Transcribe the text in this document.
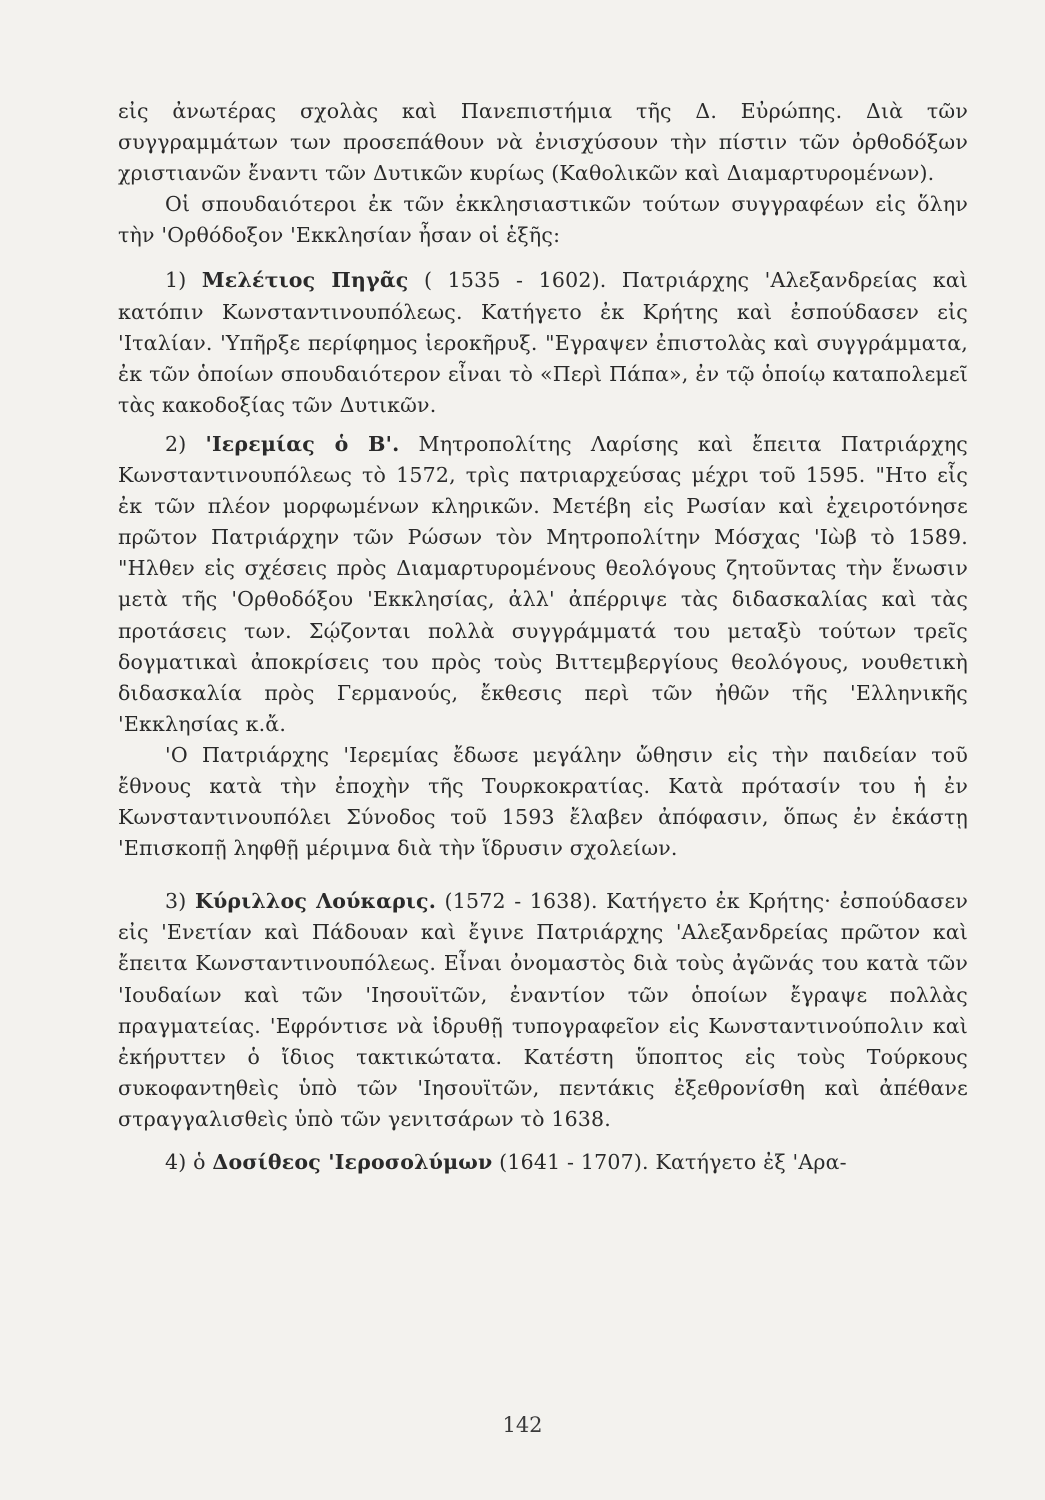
εἰς ἀνωτέρας σχολὰς καὶ Πανεπιστήμια τῆς Δ. Εὐρώπης. Διὰ τῶν συγγραμμάτων των προσεπάθουν νὰ ἐνισχύσουν τὴν πίστιν τῶν ὀρθοδόξων χριστιανῶν ἔναντι τῶν Δυτικῶν κυρίως (Καθολικῶν καὶ Διαμαρτυρομένων).

Οἱ σπουδαιότεροι ἐκ τῶν ἐκκλησιαστικῶν τούτων συγγραφέων εἰς ὅλην τὴν 'Ορθόδοξον 'Εκκλησίαν ἦσαν οἱ ἑξῆς:

1) Μελέτιος Πηγᾶς ( 1535 - 1602). Πατριάρχης 'Αλεξανδρείας καὶ κατόπιν Κωνσταντινουπόλεως. Κατήγετο ἐκ Κρήτης καὶ ἐσπούδασεν εἰς 'Ιταλίαν. 'Υπῆρξε περίφημος ἱεροκῆρυξ. "Εγραψεν ἐπιστολὰς καὶ συγγράμματα, ἐκ τῶν ὁποίων σπουδαιότερον εἶναι τὸ «Περὶ Πάπα», ἐν τῷ ὁποίῳ καταπολεμεῖ τὰς κακοδοξίας τῶν Δυτικῶν.

2) 'Ιερεμίας ὁ Β'. Μητροπολίτης Λαρίσης καὶ ἔπειτα Πατριάρχης Κωνσταντινουπόλεως τὸ 1572, τρὶς πατριαρχεύσας μέχρι τοῦ 1595. "Ητο εἷς ἐκ τῶν πλέον μορφωμένων κληρικῶν. Μετέβη εἰς Ρωσίαν καὶ ἐχειροτόνησε πρῶτον Πατριάρχην τῶν Ρώσων τὸν Μητροπολίτην Μόσχας 'Ιὼβ τὸ 1589. "Ηλθεν εἰς σχέσεις πρὸς Διαμαρτυρομένους θεολόγους ζητοῦντας τὴν ἕνωσιν μετὰ τῆς 'Ορθοδόξου 'Εκκλησίας, ἀλλ' ἀπέρριψε τὰς διδασκαλίας καὶ τὰς προτάσεις των. Σῴζονται πολλὰ συγγράμματά του μεταξὺ τούτων τρεῖς δογματικαὶ ἀποκρίσεις του πρὸς τοὺς Βιττεμβεργίους θεολόγους, νουθετικὴ διδασκαλία πρὸς Γερμανούς, ἔκθεσις περὶ τῶν ἠθῶν τῆς 'Ελληνικῆς 'Εκκλησίας κ.ἄ.

'Ο Πατριάρχης 'Ιερεμίας ἔδωσε μεγάλην ὤθησιν εἰς τὴν παιδείαν τοῦ ἔθνους κατὰ τὴν ἐποχὴν τῆς Τουρκοκρατίας. Κατὰ πρότασίν του ἡ ἐν Κωνσταντινουπόλει Σύνοδος τοῦ 1593 ἔλαβεν ἀπόφασιν, ὅπως ἐν ἑκάστῃ 'Επισκοπῇ ληφθῇ μέριμνα διὰ τὴν ἵδρυσιν σχολείων.

3) Κύριλλος Λούκαρις. (1572 - 1638). Κατήγετο ἐκ Κρήτης· ἐσπούδασεν εἰς 'Ενετίαν καὶ Πάδουαν καὶ ἔγινε Πατριάρχης 'Αλεξανδρείας πρῶτον καὶ ἔπειτα Κωνσταντινουπόλεως. Εἶναι ὀνομαστὸς διὰ τοὺς ἀγῶνάς του κατὰ τῶν 'Ιουδαίων καὶ τῶν 'Ιησουϊτῶν, ἐναντίον τῶν ὁποίων ἔγραψε πολλὰς πραγματείας. 'Εφρόντισε νὰ ἱδρυθῇ τυπογραφεῖον εἰς Κωνσταντινούπολιν καὶ ἐκήρυττεν ὁ ἴδιος τακτικώτατα. Κατέστη ὕποπτος εἰς τοὺς Τούρκους συκοφαντηθεὶς ὑπὸ τῶν 'Ιησουϊτῶν, πεντάκις ἐξεθρονίσθη καὶ ἀπέθανε στραγγαλισθεὶς ὑπὸ τῶν γενιτσάρων τὸ 1638.

4) ὁ Δοσίθεος 'Ιεροσολύμων (1641 - 1707). Κατήγετο ἐξ 'Αρα-

142
